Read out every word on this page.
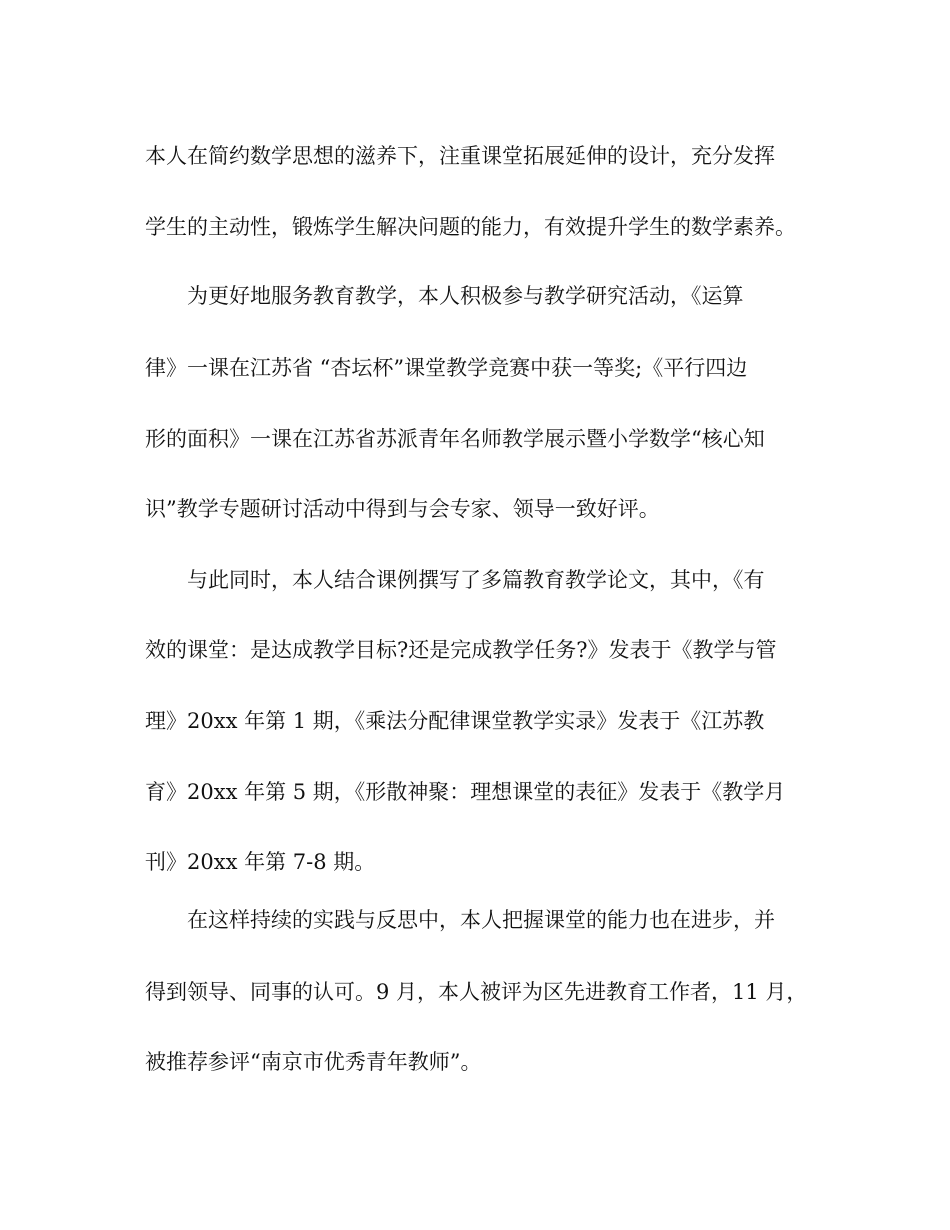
本人在简约数学思想的滋养下，注重课堂拓展延伸的设计，充分发挥
学生的主动性，锻炼学生解决问题的能力，有效提升学生的数学素养。
为更好地服务教育教学，本人积极参与教学研究活动，《运算
律》一课在江苏省 “杏坛杯”课堂教学竞赛中获一等奖;《平行四边
形的面积》一课在江苏省苏派青年名师教学展示暨小学数学“核心知
识”教学专题研讨活动中得到与会专家、领导一致好评。
与此同时，本人结合课例撰写了多篇教育教学论文，其中，《有
效的课堂：是达成教学目标?还是完成教学任务?》发表于《教学与管
理》20xx 年第 1 期，《乘法分配律课堂教学实录》发表于《江苏教
育》20xx 年第 5 期，《形散神聚：理想课堂的表征》发表于《教学月
刊》20xx 年第 7-8 期。
在这样持续的实践与反思中，本人把握课堂的能力也在进步，并
得到领导、同事的认可。9 月，本人被评为区先进教育工作者，11 月，
被推荐参评“南京市优秀青年教师”。
